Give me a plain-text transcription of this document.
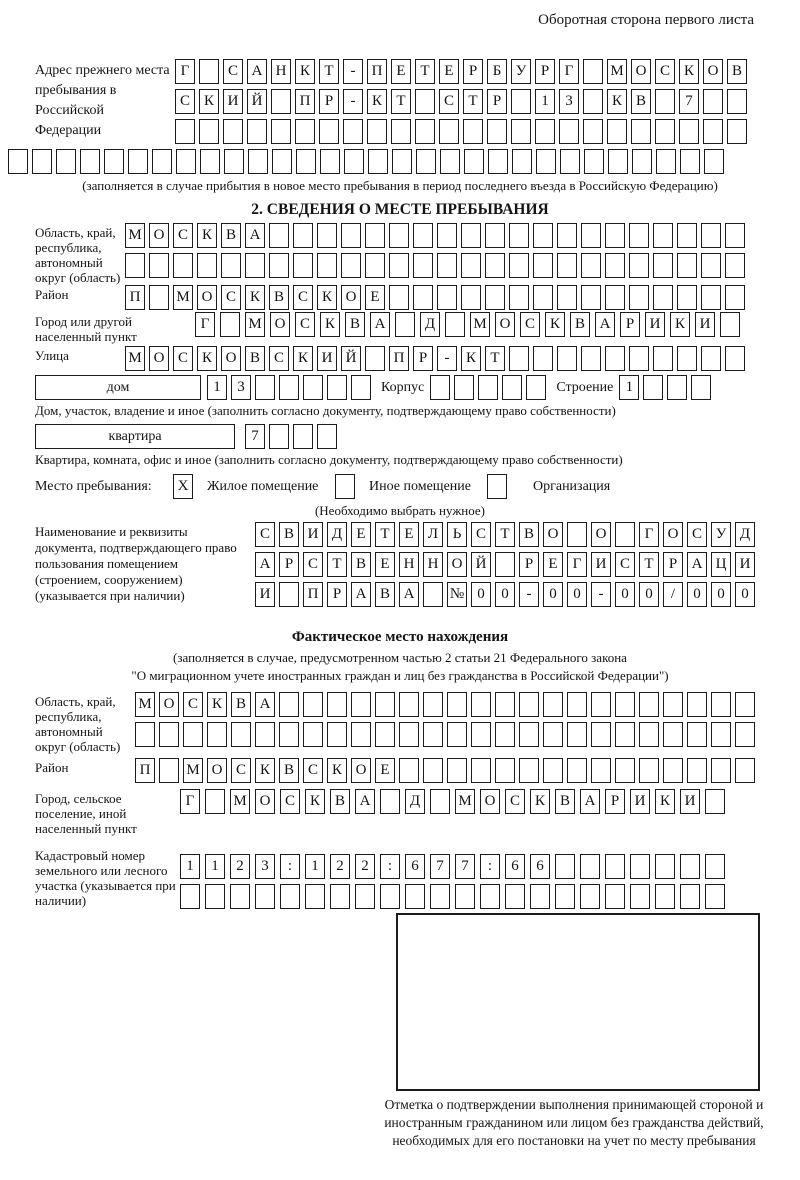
Оборотная сторона первого листа
Адрес прежнего места пребывания в Российской Федерации
Г	С А Н К Т	-	П Е Т Е	Р	Б У Р	Г	М О С К О В
С К И Й	П Р	-	К Т	С Т	Р	1	3	К В	7
(заполняется в случае прибытия в новое место пребывания в период последнего въезда в Российскую Федерацию)
2. СВЕДЕНИЯ О МЕСТЕ ПРЕБЫВАНИЯ
Область, край, республика, автономный округ (область)
М О С К В А
Район	П	М О С К В С К О Е
Город или другой населенный пункт
Г	М О С К В А	Д	М О С К В А	Р	И К И
Улица	М О С К О В С К И Й	П Р	-	К Т
дом	1	3	Корпус	Строение 1
Дом, участок, владение и иное (заполнить согласно документу, подтверждающему право собственности)
квартира	7
Квартира, комната, офис и иное (заполнить согласно документу, подтверждающему право собственности)
Место пребывания:	X	Жилое помещение	Иное помещение	Организация
(Необходимо выбрать нужное)
Наименование и реквизиты документа, подтверждающего право пользования помещением (строением, сооружением) (указывается при наличии)
С В И Д Е Т Е Л Ь С Т В О	О	Г О С У Д
А Р С Т В Е Н Н О Й	Р	Е	Г И С Т	Р А Ц И
И	П Р А В А	№ 0	0	-	0	0	-	0	0	/	0	0	0
Фактическое место нахождения
(заполняется в случае, предусмотренном частью 2 статьи 21 Федерального закона
"О миграционном учете иностранных граждан и лиц без гражданства в Российской Федерации")
Область, край, республика, автономный округ (область)
М О С К В А
Район	П	М О С К В С К О Е
Город, сельское поселение, иной населенный пункт
Г	М О С К В А	Д	М О С К В А	Р	И К И
Кадастровый номер земельного или лесного участка (указывается при наличии)
1	1	2	3	:	1	2	2	:	6	7	7	:	6	6
Отметка о подтверждении выполнения принимающей стороной и иностранным гражданином или лицом без гражданства действий, необходимых для его постановки на учет по месту пребывания
